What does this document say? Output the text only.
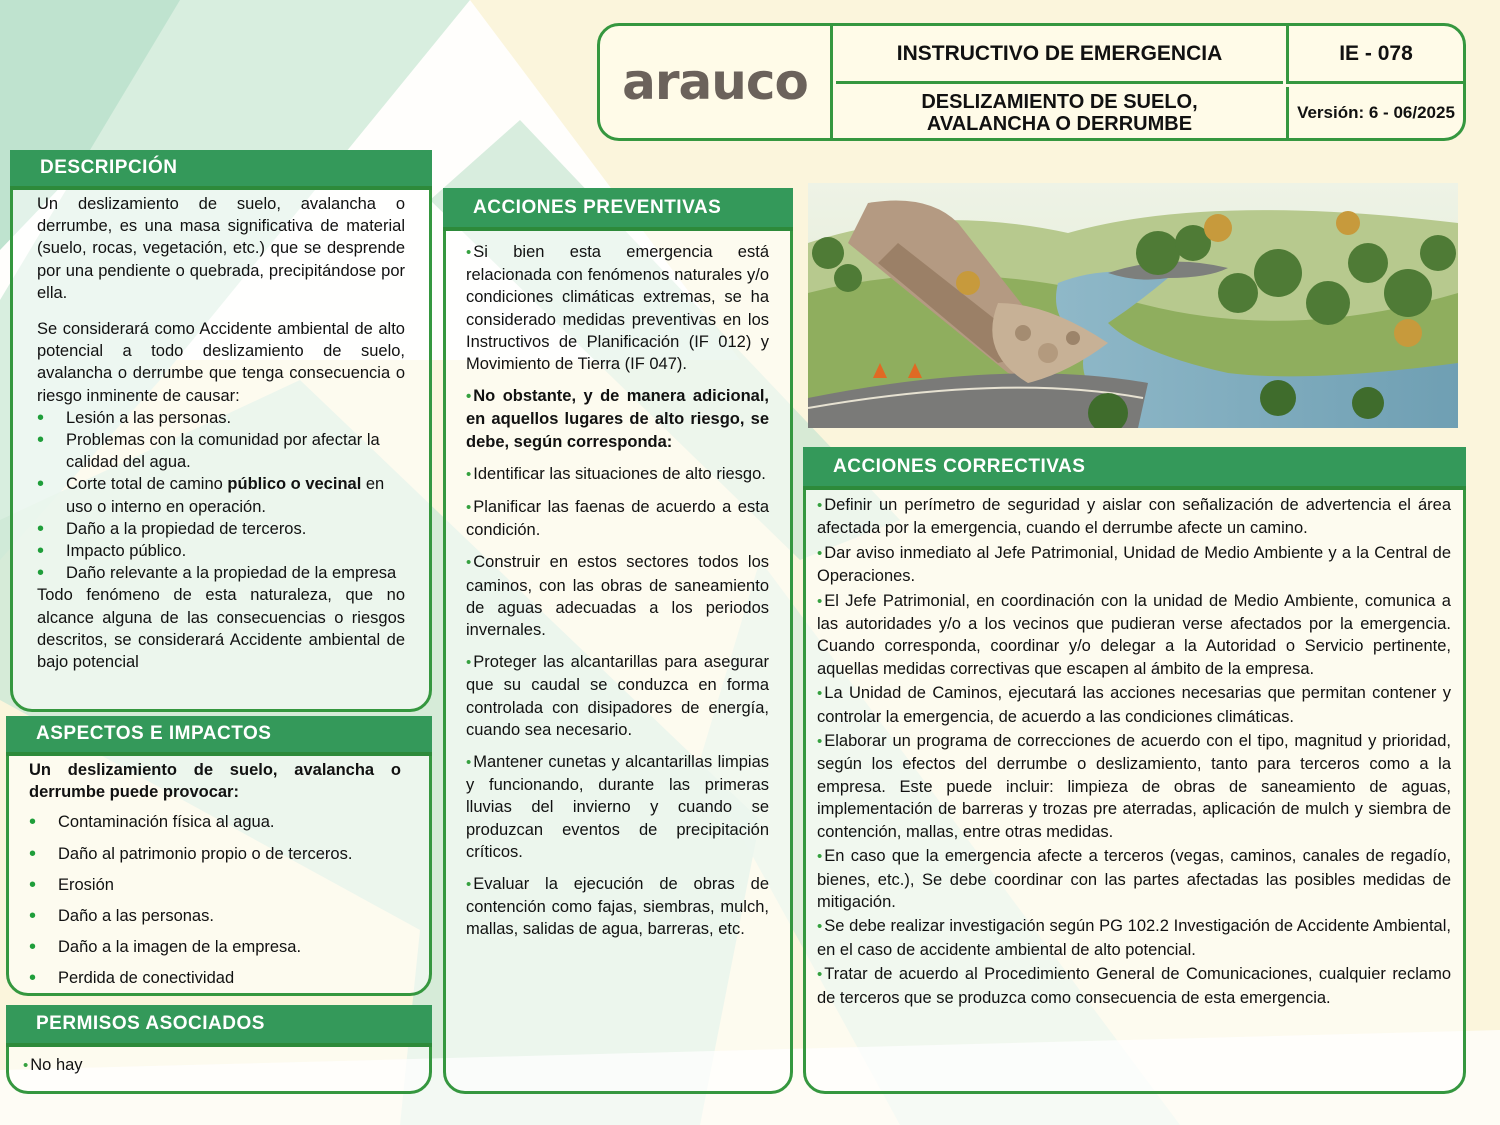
arauco	INSTRUCTIVO DE EMERGENCIA
DESLIZAMIENTO DE SUELO,
AVALANCHA O DERRUMBE
IE - 078
Versión: 6 - 06/2025
DESCRIPCIÓN

Un deslizamiento de suelo, avalancha o derrumbe, es una masa significativa de material (suelo, rocas, vegetación, etc.) que se desprende por una pendiente o quebrada, precipitándose por ella.

Se considerará como Accidente ambiental de alto potencial a todo deslizamiento de suelo, avalancha o derrumbe que tenga consecuencia o riesgo inminente de causar:

• Lesión a las personas.
• Problemas con la comunidad por afectar la calidad del agua.
• Corte total de camino público o vecinal en uso o interno en operación.
• Daño a la propiedad de terceros.
• Impacto público.
• Daño relevante a la propiedad de la empresa

Todo fenómeno de esta naturaleza, que no alcance alguna de las consecuencias o riesgos descritos, se considerará Accidente ambiental de bajo potencial

ASPECTOS E IMPACTOS

Un deslizamiento de suelo, avalancha o derrumbe puede provocar:

• Contaminación física al agua.
• Daño al patrimonio propio o de terceros.
• Erosión
• Daño a las personas.
• Daño a la imagen de la empresa.
• Perdida de conectividad
PERMISOS ASOCIADOS

• No hay

ACCIONES PREVENTIVAS

• Si bien esta emergencia está relacionada con fenómenos naturales y/o condiciones climáticas extremas, se ha considerado medidas preventivas en los Instructivos de Planificación (IF 012) y Movimiento de Tierra (IF 047).

• No obstante, y de manera adicional, en aquellos lugares de alto riesgo, se debe, según corresponda:

• Identificar las situaciones de alto riesgo.

• Planificar las faenas de acuerdo a esta condición.

• Construir en estos sectores todos los caminos, con las obras de saneamiento de aguas adecuadas a los periodos invernales.

• Proteger las alcantarillas para asegurar que su caudal se conduzca en forma controlada con disipadores de energía, cuando sea necesario.

• Mantener cunetas y alcantarillas limpias y funcionando, durante las primeras lluvias del invierno y cuando se produzcan eventos de precipitación críticos.

• Evaluar la ejecución de obras de contención como fajas, siembras, mulch, mallas, salidas de agua, barreras, etc.

ACCIONES CORRECTIVAS

• Definir un perímetro de seguridad y aislar con señalización de advertencia el área afectada por la emergencia, cuando el derrumbe afecte un camino.

• Dar aviso inmediato al Jefe Patrimonial, Unidad de Medio Ambiente y a la Central de Operaciones.

• El Jefe Patrimonial, en coordinación con la unidad de Medio Ambiente, comunica a las autoridades y/o a los vecinos que pudieran verse afectados por la emergencia. Cuando corresponda, coordinar y/o delegar a la Autoridad o Servicio pertinente, aquellas medidas correctivas que escapen al ámbito de la empresa.

• La Unidad de Caminos, ejecutará las acciones necesarias que permitan contener y controlar la emergencia, de acuerdo a las condiciones climáticas.

• Elaborar un programa de correcciones de acuerdo con el tipo, magnitud y prioridad, según los efectos del derrumbe o deslizamiento, tanto para terceros como a la empresa. Este puede incluir: limpieza de obras de saneamiento de aguas, implementación de barreras y trozas pre aterradas, aplicación de mulch y siembra de contención, mallas, entre otras medidas.

• En caso que la emergencia afecte a terceros (vegas, caminos, canales de regadío, bienes, etc.), Se debe coordinar con las partes afectadas las posibles medidas de mitigación.

• Se debe realizar investigación según PG 102.2 Investigación de Accidente Ambiental, en el caso de accidente ambiental de alto potencial.

• Tratar de acuerdo al Procedimiento General de Comunicaciones, cualquier reclamo de terceros que se produzca como consecuencia de esta emergencia.
